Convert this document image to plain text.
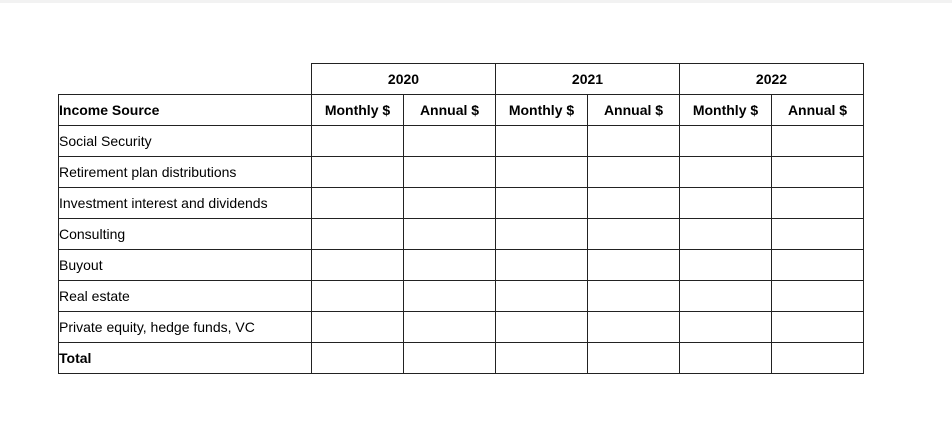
	2020		2021		2022	
Income Source	Monthly $	Annual $	Monthly $	Annual $	Monthly $	Annual $
Social Security						
Retirement plan distributions						
Investment interest and dividends						
Consulting						
Buyout						
Real estate						
Private equity, hedge funds, VC						
Total						
